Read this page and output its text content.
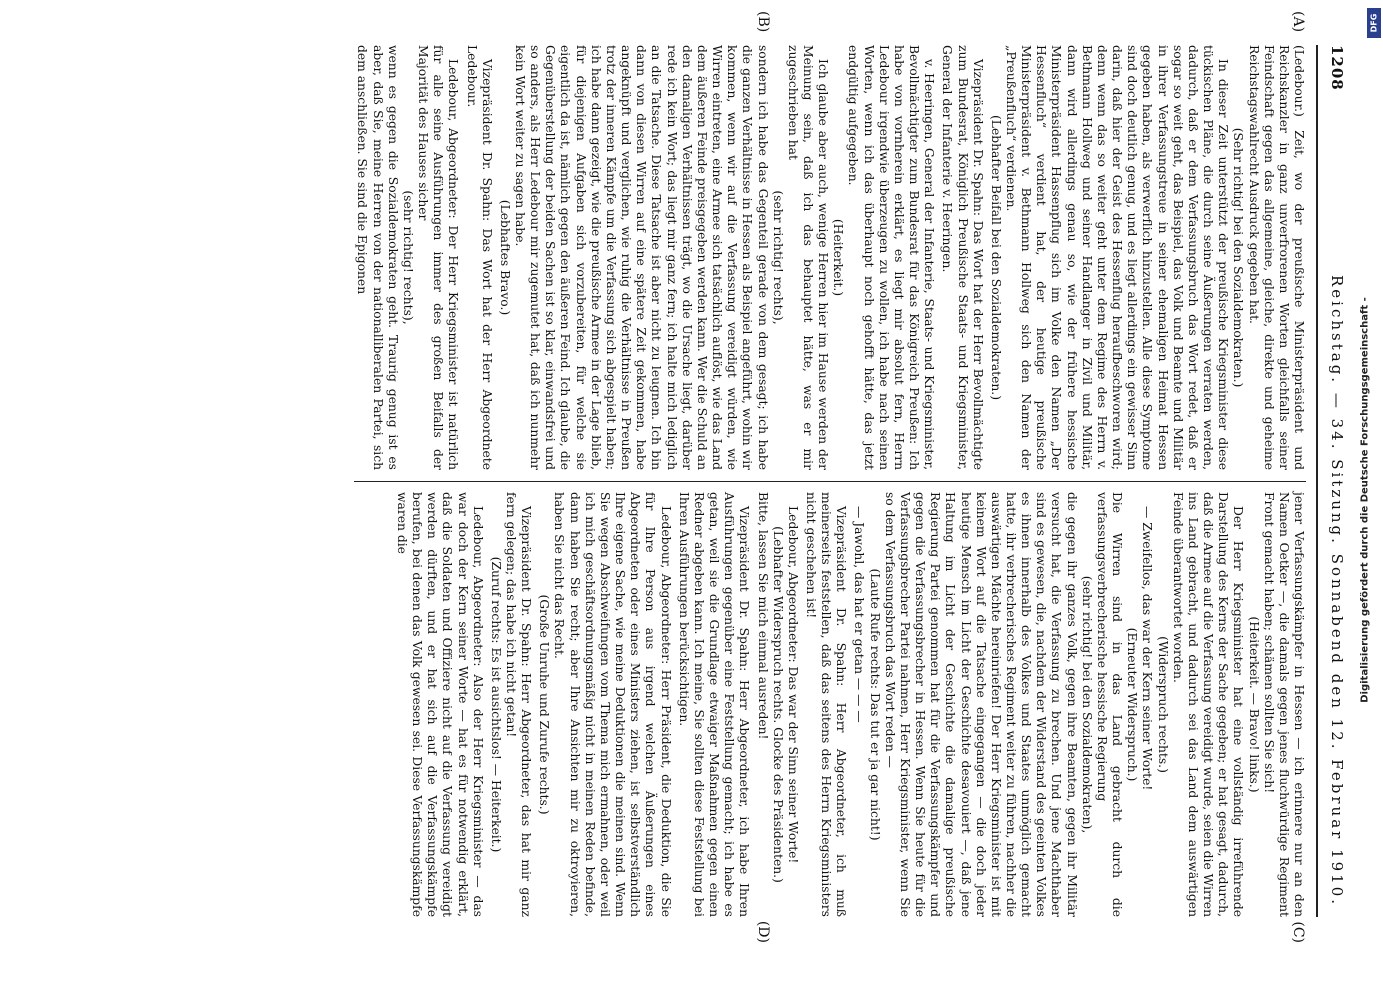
1208
Reichstag. — 34. Sitzung. Sonnabend den 12. Februar 1910.
(A)
(B)
(C)
(D)

(Ledebour.) Zeit, wo der preußische Ministerpräsident und Reichskanzler in ganz unverfrorenen Worten gleichfalls seiner Feindschaft gegen das allgemeine, gleiche, direkte und geheime Reichstagswahlrecht Ausdruck gegeben hat.

(Sehr richtig! bei den Sozialdemokraten.)

In dieser Zeit unterstützt der preußische Kriegsminister diese tückischen Pläne, die durch seine Äußerungen verraten werden, dadurch, daß er dem Verfassungsbruch das Wort redet, daß er sogar so weit geht, das Beispiel, das Volk und Beamte und Militär in ihrer Verfassungstreue in seiner ehemaligen Heimat Hessen gegeben haben, als verwerflich hinzustellen. Alle diese Symptome sind doch deutlich genug, und es liegt allerdings ein gewisser Sinn darin, daß hier der Geist des Hessenflug heraufbeschworen wird; denn wenn das so weiter geht unter dem Regime des Herrn v. Bethmann Hollweg und seiner Handlanger in Zivil und Militär, dann wird allerdings genau so, wie der frühere hessische Ministerpräsident Hassenpflug sich im Volke den Namen „Der Hessenfluch“ verdient hat, der heutige preußische Ministerpräsident v. Bethmann Hollweg sich den Namen der „Preußenfluch“ verdienen.

(Lebhafter Beifall bei den Sozialdemokraten.)

Vizepräsident Dr. Spahn: Das Wort hat der Herr Bevollmächtigte zum Bundesrat, Königlich Preußische Staats- und Kriegsminister, General der Infanterie v. Heeringen.

v. Heeringen, General der Infanterie, Staats- und Kriegsminister, Bevollmächtigter zum Bundesrat für das Königreich Preußen: Ich habe von vornherein erklärt, es liegt mir absolut fern, Herrn Ledebour irgendwie überzeugen zu wollen, ich habe nach seinen Worten, wenn ich das überhaupt noch gehofft hätte, das jetzt endgültig aufgegeben.

(Heiterkeit.)

Ich glaube aber auch, wenige Herren hier im Hause werden der Meinung sein, daß ich das behauptet hätte, was er mir zugeschrieben hat

(sehr richtig! rechts),

sondern ich habe das Gegenteil gerade von dem gesagt; ich habe die ganzen Verhältnisse in Hessen als Beispiel angeführt, wohin wir kommen, wenn wir auf die Verfassung vereidigt würden, wie Wirren eintreten, eine Armee sich tatsächlich auflöst, wie das Land dem äußeren Feinde preisgegeben werden kann. Wer die Schuld an den damaligen Verhältnissen trägt, wo die Ursache liegt, darüber rede ich kein Wort; das liegt mir ganz fern; ich halte mich lediglich an die Tatsache. Diese Tatsache ist aber nicht zu leugnen. Ich bin dann von diesen Wirren auf eine spätere Zeit gekommen, habe angeknüpft und verglichen, wie ruhig die Verhältnisse in Preußen trotz der inneren Kämpfe um die Verfassung sich abgespielt haben; ich habe dann gezeigt, wie die preußische Armee in der Lage blieb, für diejenigen Aufgaben sich vorzubereiten, für welche sie eigentlich da ist, nämlich gegen den äußeren Feind. Ich glaube, die Gegenüberstellung der beiden Sachen ist so klar, einwandsfrei und so anders, als Herr Ledebour mir zugemutet hat, daß ich nunmehr kein Wort weiter zu sagen habe.

(Lebhaftes Bravo.)

Vizepräsident Dr. Spahn: Das Wort hat der Herr Abgeordnete Ledebour.

Ledebour, Abgeordneter: Der Herr Kriegsminister ist natürlich für alle seine Ausführungen immer des großen Beifalls der Majorität des Hauses sicher

(sehr richtig! rechts),

wenn es gegen die Sozialdemokraten geht. Traurig genug ist es aber, daß Sie, meine Herren von der nationalliberalen Partei, sich dem anschließen. Sie sind die Epigonen

jener Verfassungskämpfer in Hessen — ich erinnere nur an den Namen Oetker —, die damals gegen jenes fluchwürdige Regiment Front gemacht haben; schämen sollten Sie sich!

(Heiterkeit. — Bravo! links.)

Der Herr Kriegsminister hat eine vollständig irreführende Darstellung des Kerns der Sache gegeben; er hat gesagt, dadurch, daß die Armee auf die Verfassung vereidigt wurde, seien die Wirren ins Land gebracht, und dadurch sei das Land dem auswärtigen Feinde überantwortet worden.

(Widerspruch rechts.)

— Zweifellos, das war der Kern seiner Worte!

(Erneuter Widerspruch.)

Die Wirren sind in das Land gebracht durch die verfassungsverbrecherische hessische Regierung

(sehr richtig! bei den Sozialdemokraten),

die gegen ihr ganzes Volk, gegen ihre Beamten, gegen ihr Militär versucht hat, die Verfassung zu brechen. Und jene Machthaber sind es gewesen, die, nachdem der Widerstand des geeinten Volkes es ihnen innerhalb des Volkes und Staates unmöglich gemacht hatte, ihr verbrecherisches Regiment weiter zu führen, nachher die auswärtigen Mächte hereinriefen! Der Herr Kriegsminister ist mit keinem Wort auf die Tatsache eingegangen — die doch jeder heutige Mensch im Licht der Geschichte desavouiert —, daß jene Haltung im Licht der Geschichte die damalige preußische Regierung Partei genommen hat für die Verfassungskämpfer und gegen die Verfassungsbrecher in Hessen. Wenn Sie heute für die Verfassungsbrecher Partei nahmen, Herr Kriegsminister, wenn Sie so dem Verfassungsbruch das Wort reden —

(Laute Rufe rechts: Das tut er ja gar nicht!)

— Jawohl, das hat er getan — — —

Vizepräsident Dr. Spahn: Herr Abgeordneter, ich muß meinerseits feststellen, daß das seitens des Herrn Kriegsministers nicht geschehen ist!

Ledebour, Abgeordneter: Das war der Sinn seiner Worte!

(Lebhafter Widerspruch rechts. Glocke des Präsidenten.)

Bitte, lassen Sie mich einmal ausreden!

Vizepräsident Dr. Spahn: Herr Abgeordneter, ich habe Ihren Ausführungen gegenüber eine Feststellung gemacht; ich habe es getan, weil sie die Grundlage etwaiger Maßnahmen gegen einen Redner abgeben kann. Ich meine, Sie sollten diese Feststellung bei Ihren Ausführungen berücksichtigen.

Ledebour, Abgeordneter: Herr Präsident, die Deduktion, die Sie für Ihre Person aus irgend welchen Äußerungen eines Abgeordneten oder eines Ministers ziehen, ist selbstverständlich Ihre eigene Sache, wie meine Deduktionen die meinen sind. Wenn Sie wegen Abschweifungen vom Thema mich ermahnen, oder weil ich mich geschäftsordnungsmäßig nicht in meinen Reden befinde, dann haben Sie recht; aber Ihre Ansichten mir zu oktroyieren, haben Sie nicht das Recht.

(Große Unruhe und Zurufe rechts.)

Vizepräsident Dr. Spahn: Herr Abgeordneter, das hat mir ganz fern gelegen; das habe ich nicht getan!

(Zuruf rechts: Es ist ausichtslos! — Heiterkeit.)

Ledebour, Abgeordneter: Also der Herr Kriegsminister — das war doch der Kern seiner Worte — hat es für notwendig erklärt, daß die Soldaten und Offiziere nicht auf die Verfassung vereidigt werden dürften, und er hat sich auf die Verfassungskämpfe berufen, bei denen das Volk gewesen sei. Diese Verfassungskämpfe waren die	Digitalisierung gefördert durch die Deutsche Forschungsgemeinschaft -
DFG
